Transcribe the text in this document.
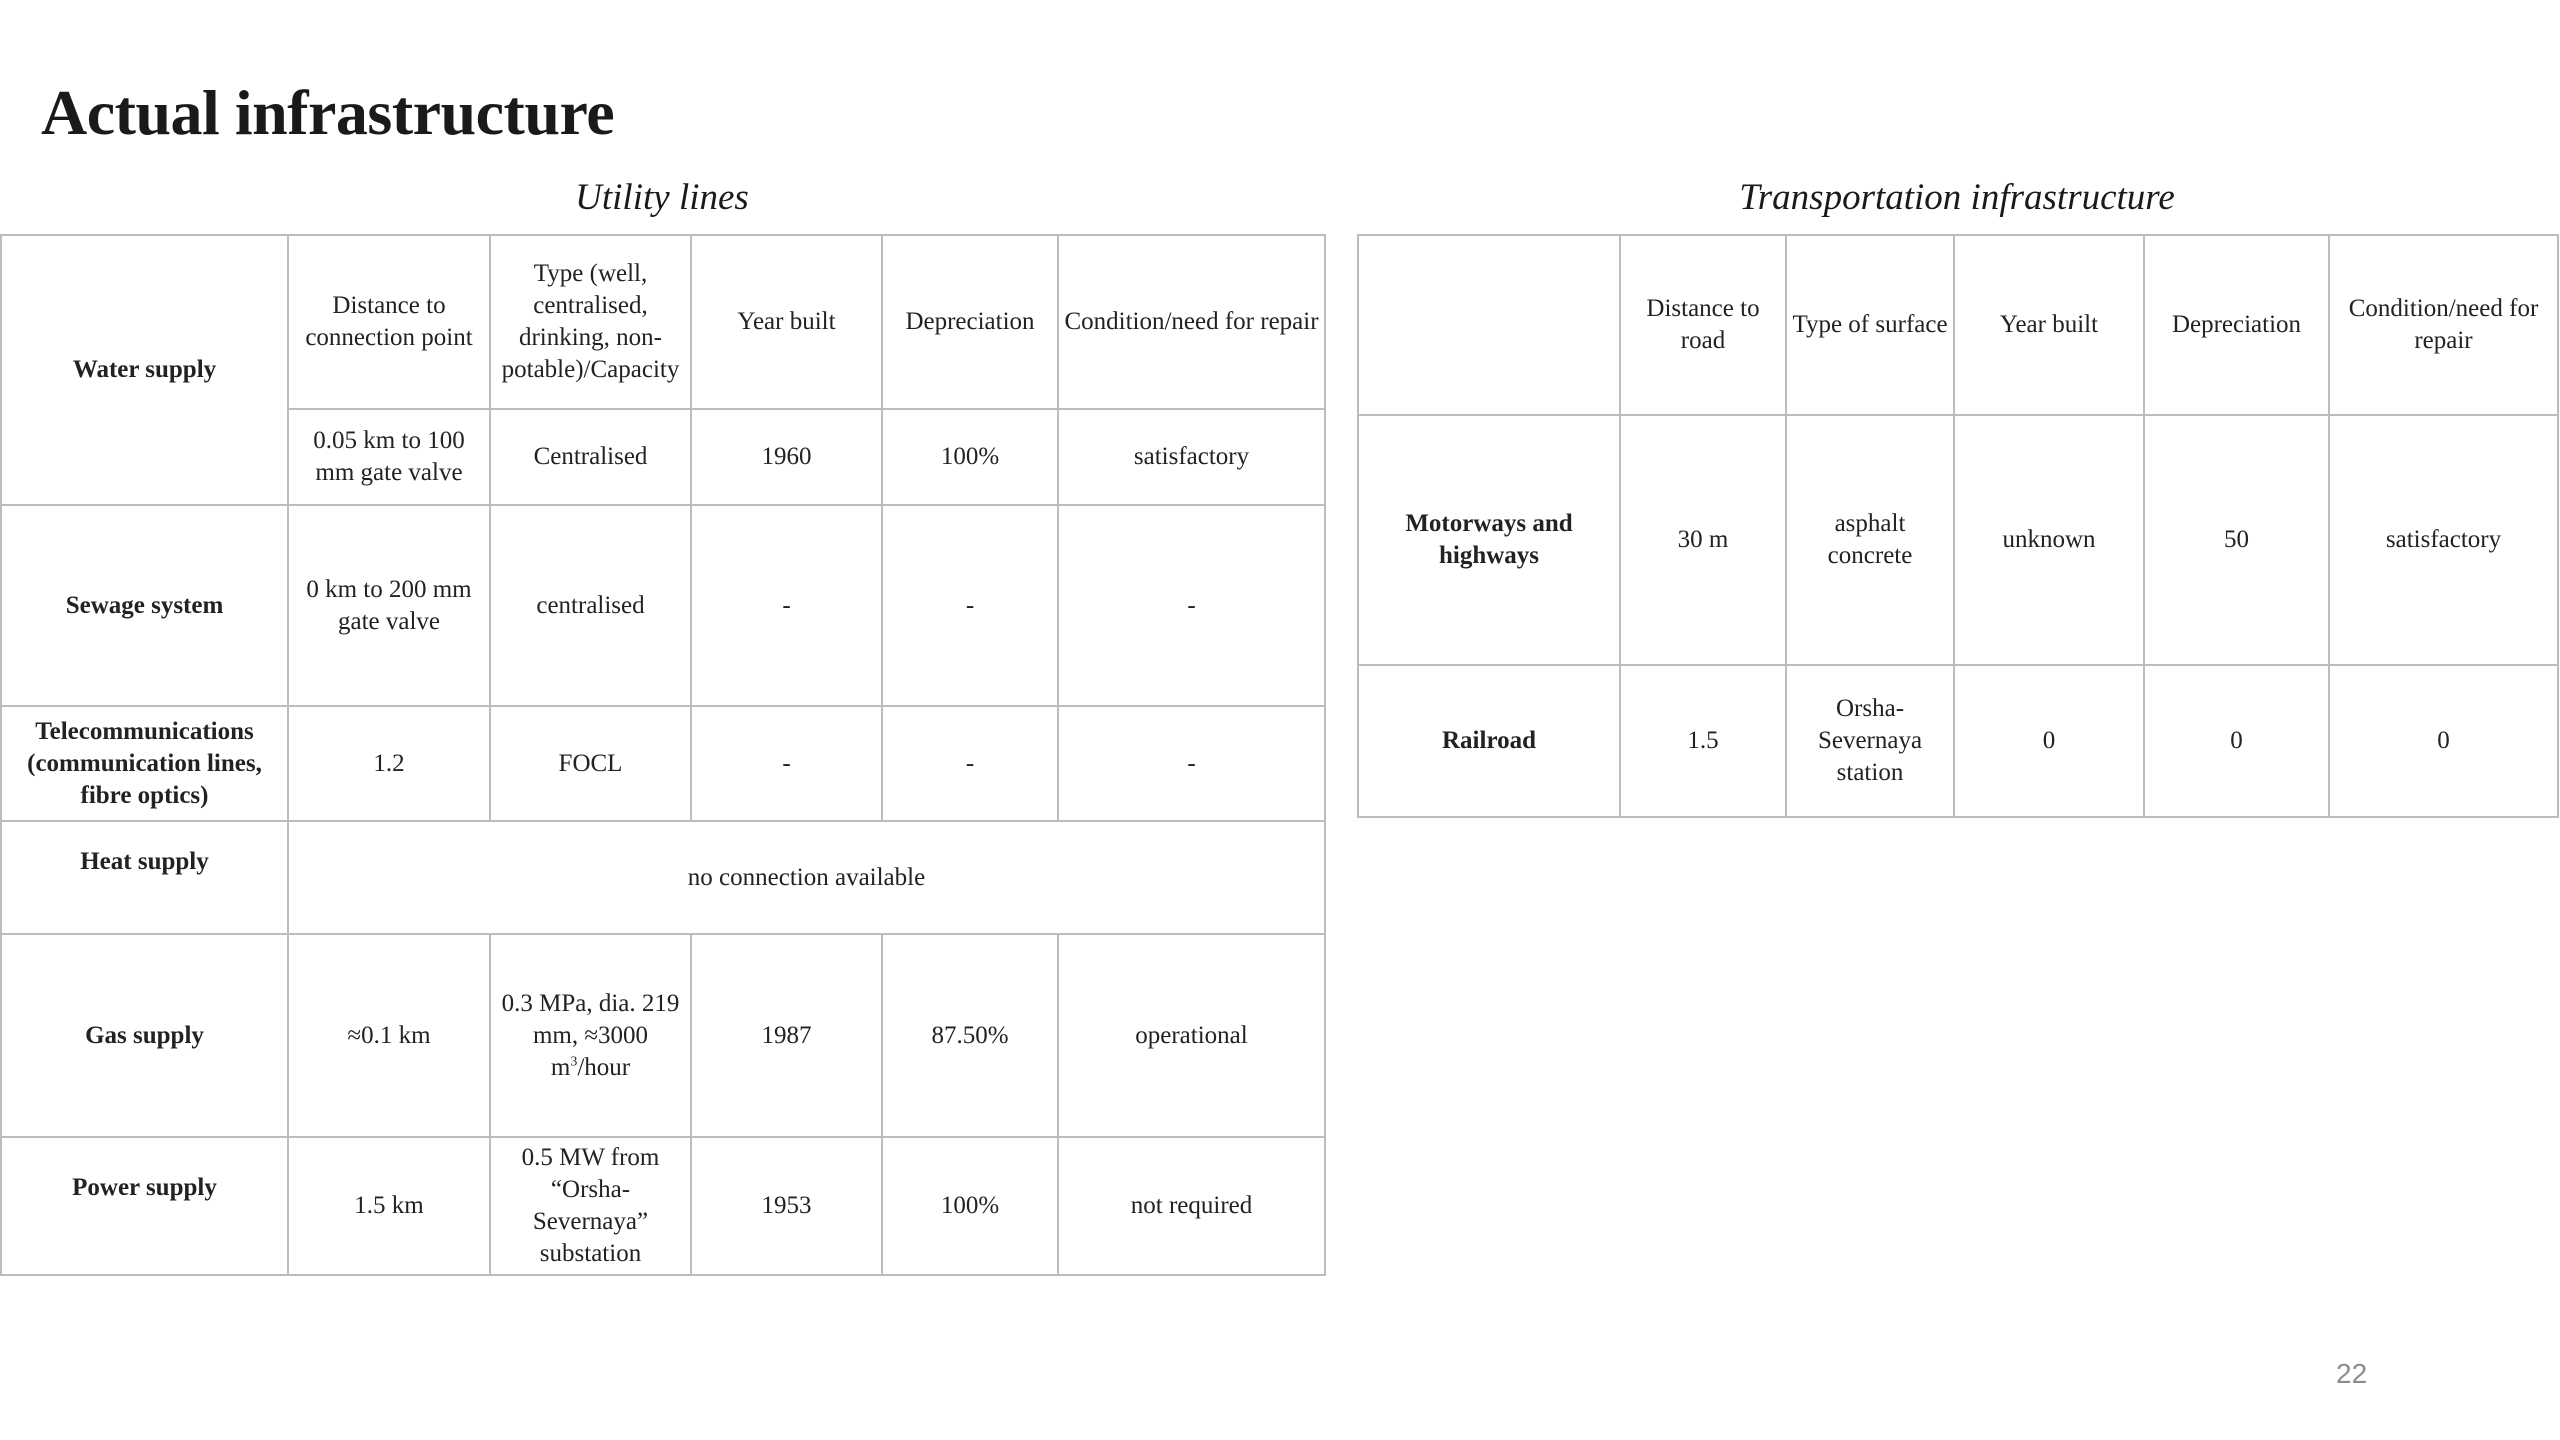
Actual infrastructure
Utility lines	Transportation infrastructure
Water supply	Distance to connection point	Type (well, centralised, drinking, non-potable)/Capacity	Year built	Depreciation	Condition/need for repair
	0.05 km to 100 mm gate valve	Centralised	1960	100%	satisfactory
Sewage system	0 km to 200 mm gate valve	centralised	-	-	-
Telecommunications (communication lines, fibre optics)	1.2	FOCL	-	-	-
Heat supply	no connection available				
Gas supply	≈0.1 km	0.3 MPa, dia. 219 mm, ≈3000 $m^3$/hour	1987	87.50%	operational
Power supply	1.5 km	0.5 MW from “Orsha-Severnaya” substation	1953	100%	not required
	Distance to road	Type of surface	Year built	Depreciation	Condition/need for repair
Motorways and highways	30 m	asphalt concrete	unknown	50	satisfactory
Railroad	1.5	Orsha-Severnaya station	0	0	0
22
